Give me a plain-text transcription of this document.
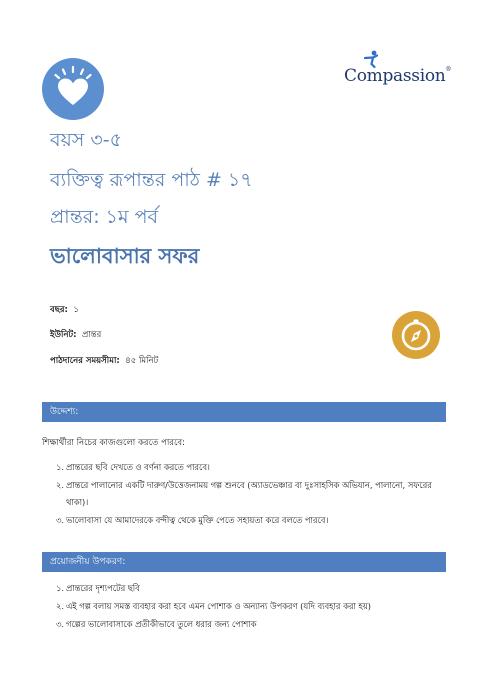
Compassion®
বয়স ৩-৫
ব্যক্তিত্ব রূপান্তর পাঠ # ১৭
প্রান্তর: ১ম পর্ব
ভালোবাসার সফর
বছর: ১
ইউনিট: প্রান্তর
পাঠদানের সময়সীমা: ৪৫ মিনিট
উদ্দেশ্য:
শিক্ষার্থীরা নিচের কাজগুলো করতে পারবে:
১. প্রান্তরের ছবি দেখতে ও বর্ণনা করতে পারবে।
২. প্রান্তরে পালানোর একটি দারুণ/উত্তেজনাময় গল্প শুনবে (অ্যাডভেঞ্চার বা দুঃসাহসিক অভিযান, পালানো, সফরের থাকা)।
৩. ভালোবাসা যে আমাদেরকে বন্দীত্ব থেকে মুক্তি পেতে সহায়তা করে বলতে পারবে।
প্রয়োজনীয় উপকরণ:
১. প্রান্তরের দৃশ্যপটের ছবি
২. এই গল্প বলায় সমস্ত ব্যবহার করা হবে এমন পোশাক ও অন্যান্য উপকরণ (যদি ব্যবহার করা হয়)
৩. গল্পের ভালোবাসাকে প্রতীকীভাবে তুলে ধরার জন্য পোশাক
